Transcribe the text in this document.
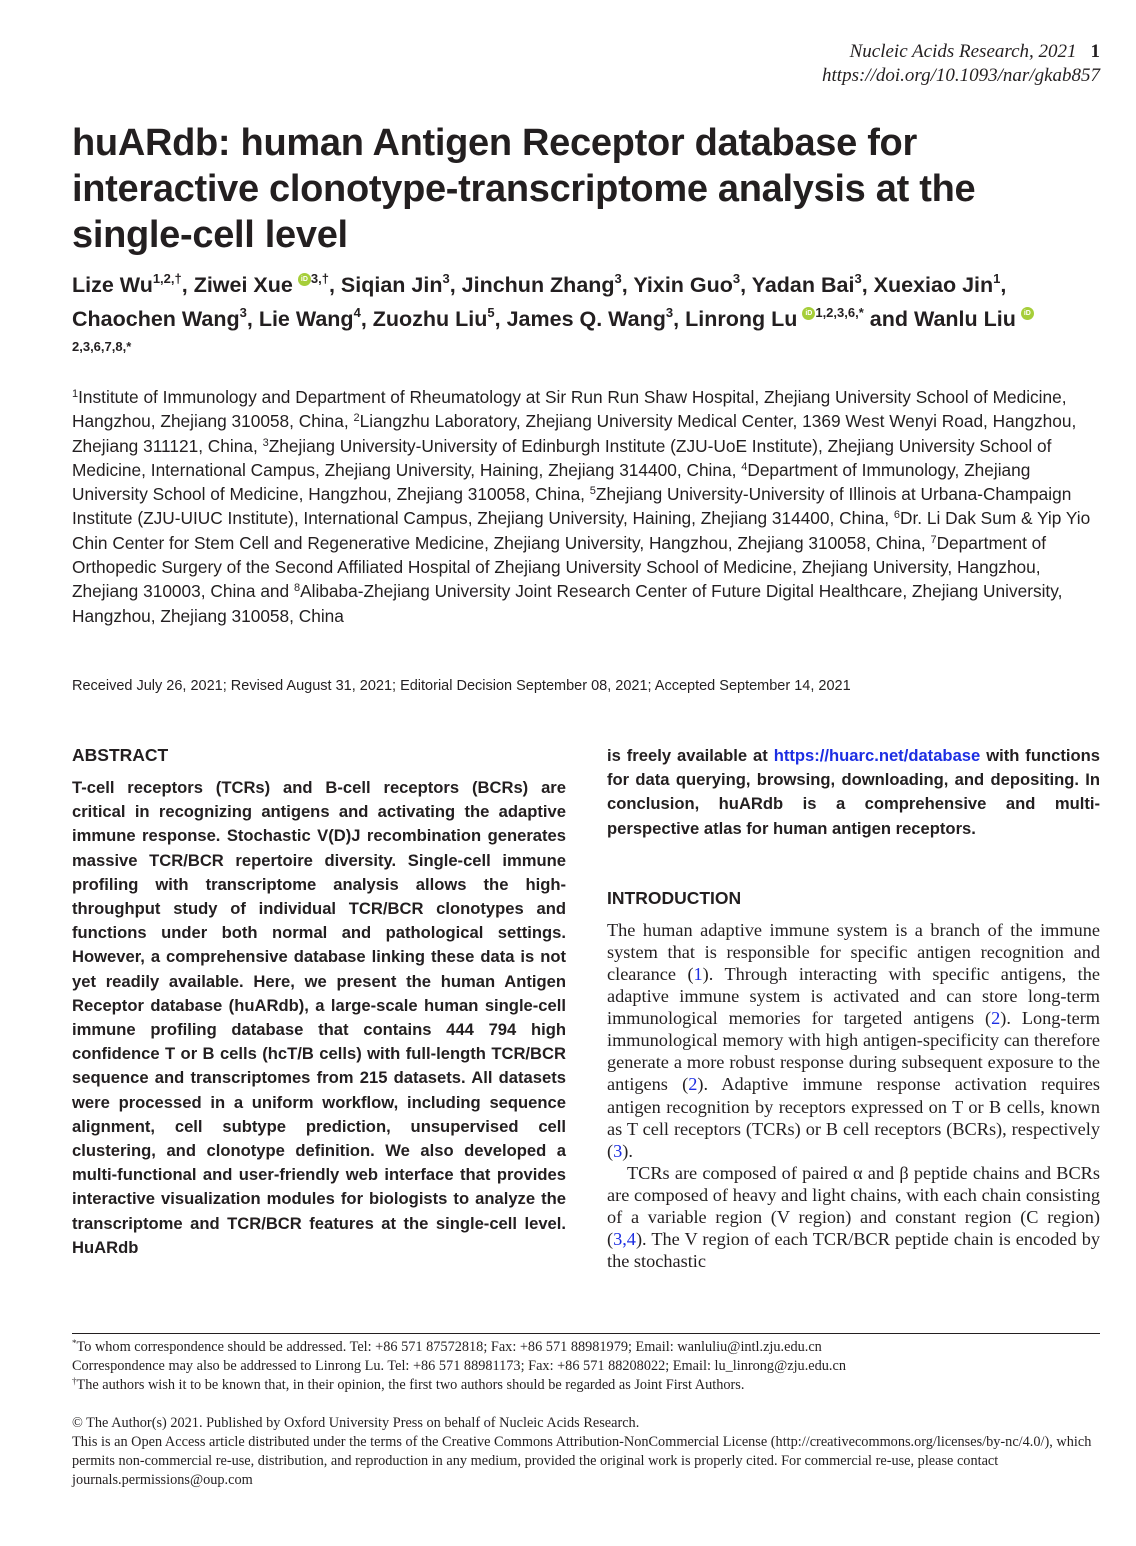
Nucleic Acids Research, 2021 1
https://doi.org/10.1093/nar/gkab857
huARdb: human Antigen Receptor database for interactive clonotype-transcriptome analysis at the single-cell level
Lize $Wu^{1,2,\dagger}$, Ziwei Xue iD $^{3,\dagger}$, Siqian Jin$^3$, Jinchun Zhang$^3$, Yixin Guo$^3$, Yadan Bai$^3$, Xuexiao Jin$^1$, Chaochen Wang$^3$, Lie Wang$^4$, Zuozhu Liu$^5$, James Q. Wang$^3$, Linrong Lu iD $^{1,2,3,6,*}$ and Wanlu Liu $iD^{2,3,6,7,8,*}$
$^1$Institute of Immunology and Department of Rheumatology at Sir Run Run Shaw Hospital, Zhejiang University School of Medicine, Hangzhou, Zhejiang 310058, China, $^2$Liangzhu Laboratory, Zhejiang University Medical Center, 1369 West Wenyi Road, Hangzhou, Zhejiang 311121, China, $^3$Zhejiang University-University of Edinburgh Institute (ZJU-UoE Institute), Zhejiang University School of Medicine, International Campus, Zhejiang University, Haining, Zhejiang 314400, China, $^4$Department of Immunology, Zhejiang University School of Medicine, Hangzhou, Zhejiang 310058, China, $^5$Zhejiang University-University of Illinois at Urbana-Champaign Institute (ZJU-UIUC Institute), International Campus, Zhejiang University, Haining, Zhejiang 314400, China, $^6$Dr. Li Dak Sum & Yip Yio Chin Center for Stem Cell and Regenerative Medicine, Zhejiang University, Hangzhou, Zhejiang 310058, China, $^7$Department of Orthopedic Surgery of the Second Affiliated Hospital of Zhejiang University School of Medicine, Zhejiang University, Hangzhou, Zhejiang 310003, China and $^8$Alibaba-Zhejiang University Joint Research Center of Future Digital Healthcare, Zhejiang University, Hangzhou, Zhejiang 310058, China
Received July 26, 2021; Revised August 31, 2021; Editorial Decision September 08, 2021; Accepted September 14, 2021
ABSTRACT

T-cell receptors (TCRs) and B-cell receptors (BCRs) are critical in recognizing antigens and activating the adaptive immune response. Stochastic V(D)J recombination generates massive TCR/BCR repertoire diversity. Single-cell immune profiling with transcriptome analysis allows the high-throughput study of individual TCR/BCR clonotypes and functions under both normal and pathological settings. However, a comprehensive database linking these data is not yet readily available. Here, we present the human Antigen Receptor database (huARdb), a large-scale human single-cell immune profiling database that contains 444 794 high confidence T or B cells (hcT/B cells) with full-length TCR/BCR sequence and transcriptomes from 215 datasets. All datasets were processed in a uniform workflow, including sequence alignment, cell subtype prediction, unsupervised cell clustering, and clonotype definition. We also developed a multi-functional and user-friendly web interface that provides interactive visualization modules for biologists to analyze the transcriptome and TCR/BCR features at the single-cell level. HuARdb

is freely available at https://huarc.net/database with functions for data querying, browsing, downloading, and depositing. In conclusion, huARdb is a comprehensive and multi-perspective atlas for human antigen receptors.

INTRODUCTION

The human adaptive immune system is a branch of the immune system that is responsible for specific antigen recognition and clearance (1). Through interacting with specific antigens, the adaptive immune system is activated and can store long-term immunological memories for targeted antigens (2). Long-term immunological memory with high antigen-specificity can therefore generate a more robust response during subsequent exposure to the antigens (2). Adaptive immune response activation requires antigen recognition by receptors expressed on T or B cells, known as T cell receptors (TCRs) or B cell receptors (BCRs), respectively (3).

TCRs are composed of paired α and β peptide chains and BCRs are composed of heavy and light chains, with each chain consisting of a variable region (V region) and constant region (C region) (3,4). The V region of each TCR/BCR peptide chain is encoded by the stochastic

*To whom correspondence should be addressed. Tel: +86 571 87572818; Fax: +86 571 88981979; Email: wanluliu@intl.zju.edu.cn

Correspondence may also be addressed to Linrong Lu. Tel: +86 571 88981173; Fax: +86 571 88208022; Email: lu_linrong@zju.edu.cn

†The authors wish it to be known that, in their opinion, the first two authors should be regarded as Joint First Authors.

© The Author(s) 2021. Published by Oxford University Press on behalf of Nucleic Acids Research.

This is an Open Access article distributed under the terms of the Creative Commons Attribution-NonCommercial License (http://creativecommons.org/licenses/by-nc/4.0/), which permits non-commercial re-use, distribution, and reproduction in any medium, provided the original work is properly cited. For commercial re-use, please contact journals.permissions@oup.com
